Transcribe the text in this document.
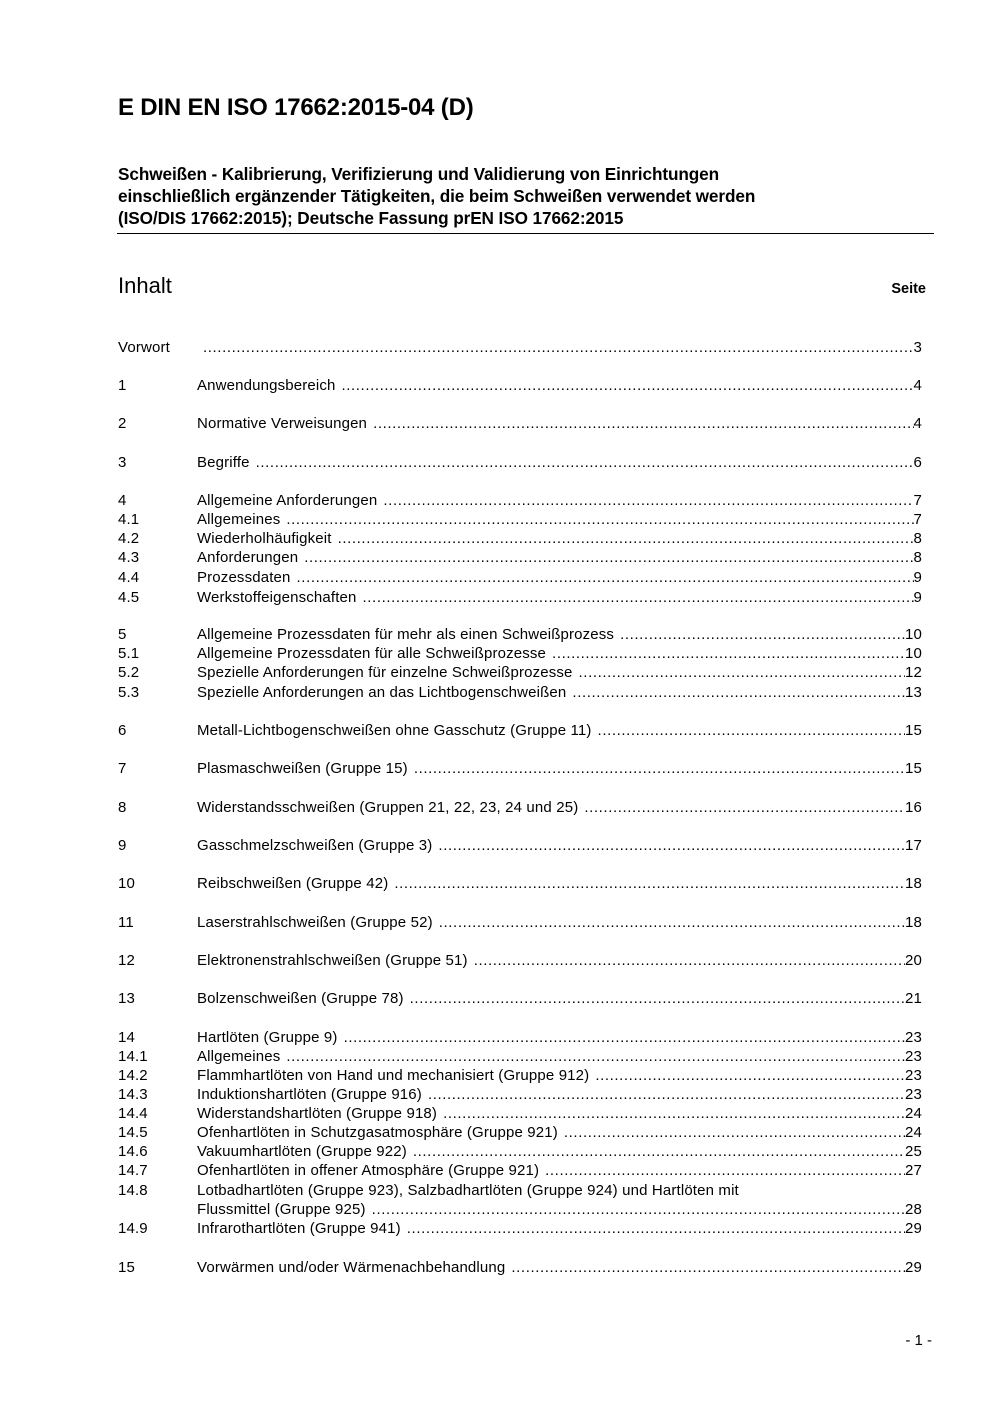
E DIN EN ISO 17662:2015-04 (D)
Schweißen - Kalibrierung, Verifizierung und Validierung von Einrichtungen
einschließlich ergänzender Tätigkeiten, die beim Schweißen verwendet werden
(ISO/DIS 17662:2015); Deutsche Fassung prEN ISO 17662:2015
Inhalt	Seite
Vorwort .....	3
1	Anwendungsbereich .....	4
2	Normative Verweisungen .....	4
3	Begriffe .....	6
4	Allgemeine Anforderungen .....	7
4.1	Allgemeines .....	7
4.2	Wiederholhäufigkeit .....	8
4.3	Anforderungen .....	8
4.4	Prozessdaten .....	9
4.5	Werkstoffeigenschaften .....	9
5	Allgemeine Prozessdaten für mehr als einen Schweißprozess .....	10
5.1	Allgemeine Prozessdaten für alle Schweißprozesse .....	10
5.2	Spezielle Anforderungen für einzelne Schweißprozesse .....	12
5.3	Spezielle Anforderungen an das Lichtbogenschweißen .....	13
6	Metall-Lichtbogenschweißen ohne Gasschutz (Gruppe 11) .....	15
7	Plasmaschweißen (Gruppe 15) .....	15
8	Widerstandsschweißen (Gruppen 21, 22, 23, 24 und 25) .....	16
9	Gasschmelzschweißen (Gruppe 3) .....	17
10	Reibschweißen (Gruppe 42) .....	18
11	Laserstrahlschweißen (Gruppe 52) .....	18
12	Elektronenstrahlschweißen (Gruppe 51) .....	20
13	Bolzenschweißen (Gruppe 78) .....	21
14	Hartlöten (Gruppe 9) .....	23
14.1	Allgemeines .....	23
14.2	Flammhartlöten von Hand und mechanisiert (Gruppe 912) .....	23
14.3	Induktionshartlöten (Gruppe 916) .....	23
14.4	Widerstandshartlöten (Gruppe 918) .....	24
14.5	Ofenhartlöten in Schutzgasatmosphäre (Gruppe 921) .....	24
14.6	Vakuumhartlöten (Gruppe 922) .....	25
14.7	Ofenhartlöten in offener Atmosphäre (Gruppe 921) .....	27
14.8	Lotbadhartlöten (Gruppe 923), Salzbadhartlöten (Gruppe 924) und Hartlöten mit
Flussmittel (Gruppe 925) .....	28
14.9	Infrarothartlöten (Gruppe 941) .....	29
15	Vorwärmen und/oder Wärmenachbehandlung .....	29
- 1 -
